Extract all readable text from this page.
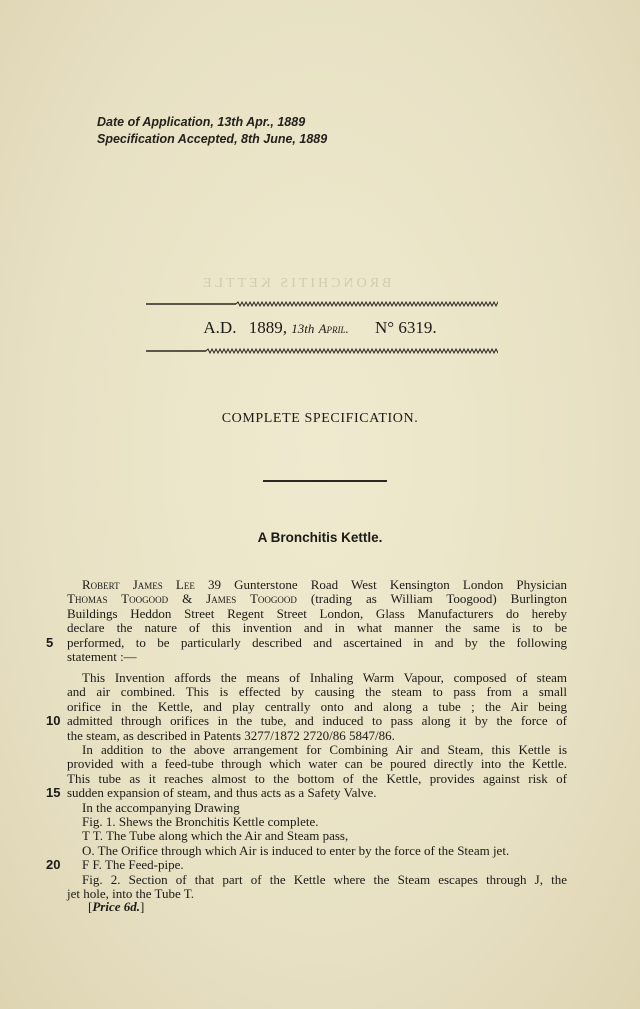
Date of Application, 13th Apr., 1889
Specification Accepted, 8th June, 1889
BRONCHITIS KETTLE
A.D. 1889, 13th April. N° 6319.
COMPLETE SPECIFICATION.
A Bronchitis Kettle.
Robert James Lee 39 Gunterstone Road West Kensington London Physician
Thomas Toogood & James Toogood (trading as William Toogood) Burlington
Buildings Heddon Street Regent Street London, Glass Manufacturers do hereby
declare the nature of this invention and in what manner the same is to be
performed, to be particularly described and ascertained in and by the following
5
statement :—
This Invention affords the means of Inhaling Warm Vapour, composed of steam
and air combined. This is effected by causing the steam to pass from a small
orifice in the Kettle, and play centrally onto and along a tube ; the Air being
admitted through orifices in the tube, and induced to pass along it by the force of
10
the steam, as described in Patents 3277/1872 2720/86 5847/86.
In addition to the above arrangement for Combining Air and Steam, this Kettle is
provided with a feed-tube through which water can be poured directly into the Kettle.
This tube as it reaches almost to the bottom of the Kettle, provides against risk of
sudden expansion of steam, and thus acts as a Safety Valve.
15
In the accompanying Drawing
Fig. 1. Shews the Bronchitis Kettle complete.
T T. The Tube along which the Air and Steam pass,
O. The Orifice through which Air is induced to enter by the force of the Steam jet.
F F. The Feed-pipe.
20
Fig. 2. Section of that part of the Kettle where the Steam escapes through J, the
jet hole, into the Tube T.
[Price 6d.]
